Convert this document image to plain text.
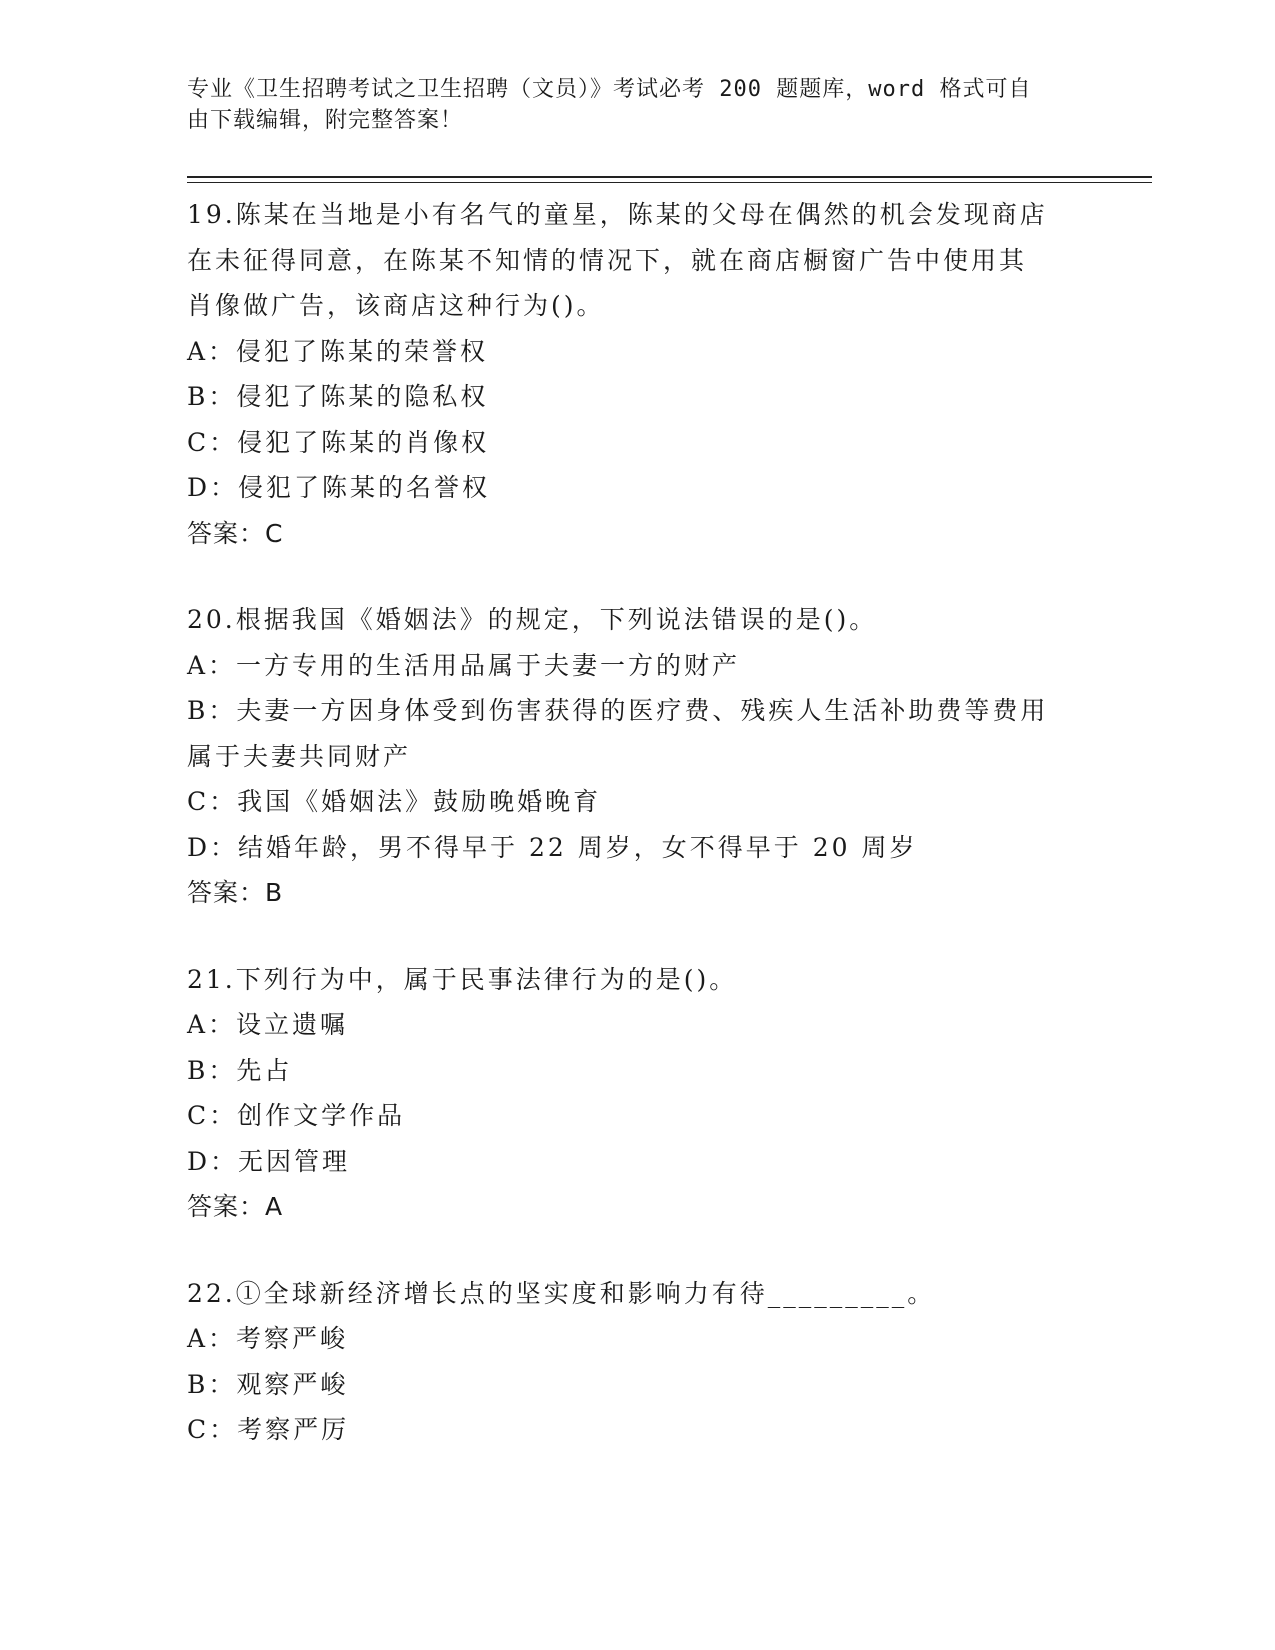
专业《卫生招聘考试之卫生招聘（文员）》考试必考 200 题题库，word 格式可自
由下载编辑，附完整答案！
19.陈某在当地是小有名气的童星，陈某的父母在偶然的机会发现商店
在未征得同意，在陈某不知情的情况下，就在商店橱窗广告中使用其
肖像做广告，该商店这种行为()。
A：侵犯了陈某的荣誉权
B：侵犯了陈某的隐私权
C：侵犯了陈某的肖像权
D：侵犯了陈某的名誉权
答案：C
20.根据我国《婚姻法》的规定，下列说法错误的是()。
A：一方专用的生活用品属于夫妻一方的财产
B：夫妻一方因身体受到伤害获得的医疗费、残疾人生活补助费等费用
属于夫妻共同财产
C：我国《婚姻法》鼓励晚婚晚育
D：结婚年龄，男不得早于 22 周岁，女不得早于 20 周岁
答案：B
21.下列行为中，属于民事法律行为的是()。
A：设立遗嘱
B：先占
C：创作文学作品
D：无因管理
答案：A
22.①全球新经济增长点的坚实度和影响力有待_________。
A：考察严峻
B：观察严峻
C：考察严厉
